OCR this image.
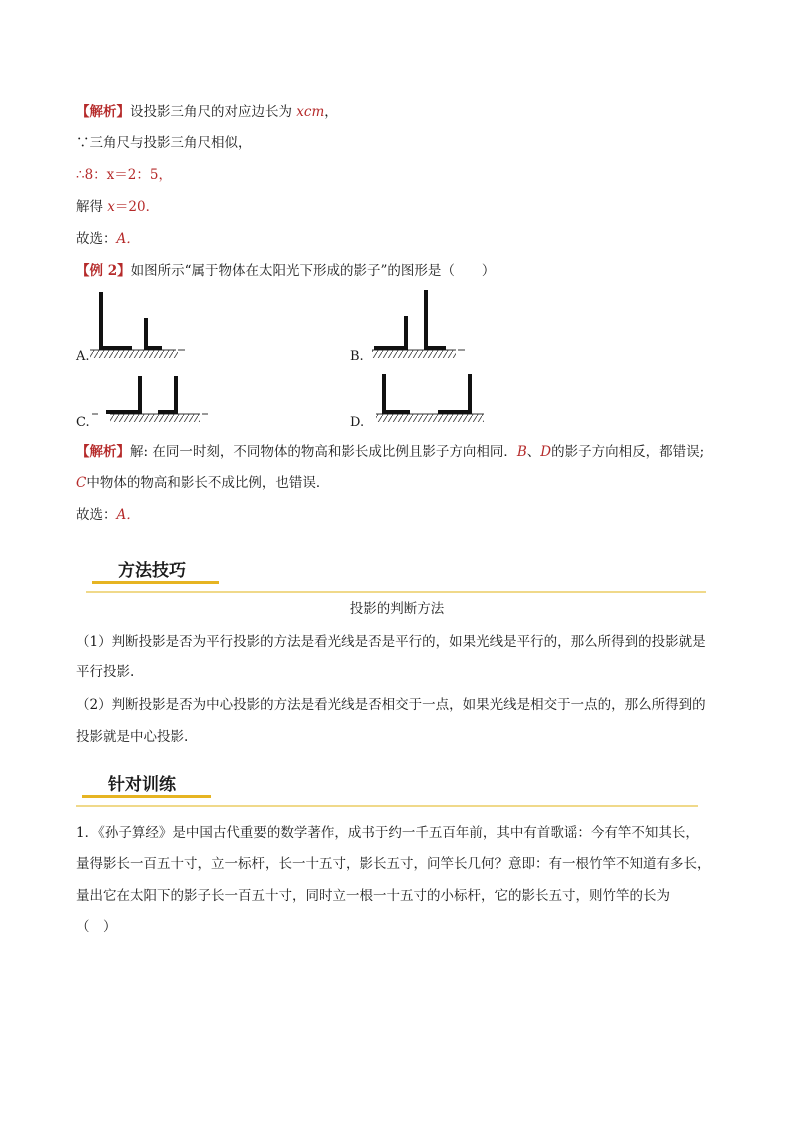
【解析】设投影三角尺的对应边长为 xcm，
∵三角尺与投影三角尺相似，
∴8：x＝2：5，
解得 x＝20．
故选：A．
【例 2】如图所示“属于物体在太阳光下形成的影子”的图形是（　　）
A.	B.
C.	D.
【解析】解: 在同一时刻，不同物体的物高和影长成比例且影子方向相同．B、D的影子方向相反，都错误;
C中物体的物高和影长不成比例，也错误．
故选：A．
方法技巧
投影的判断方法
（1）判断投影是否为平行投影的方法是看光线是否是平行的，如果光线是平行的，那么所得到的投影就是
平行投影.
（2）判断投影是否为中心投影的方法是看光线是否相交于一点，如果光线是相交于一点的，那么所得到的
投影就是中心投影.
针对训练
1．《孙子算经》是中国古代重要的数学著作，成书于约一千五百年前，其中有首歌谣：今有竿不知其长，
量得影长一百五十寸，立一标杆，长一十五寸，影长五寸，问竿长几何？意即：有一根竹竿不知道有多长，
量出它在太阳下的影子长一百五十寸，同时立一根一十五寸的小标杆，它的影长五寸，则竹竿的长为
（　）
